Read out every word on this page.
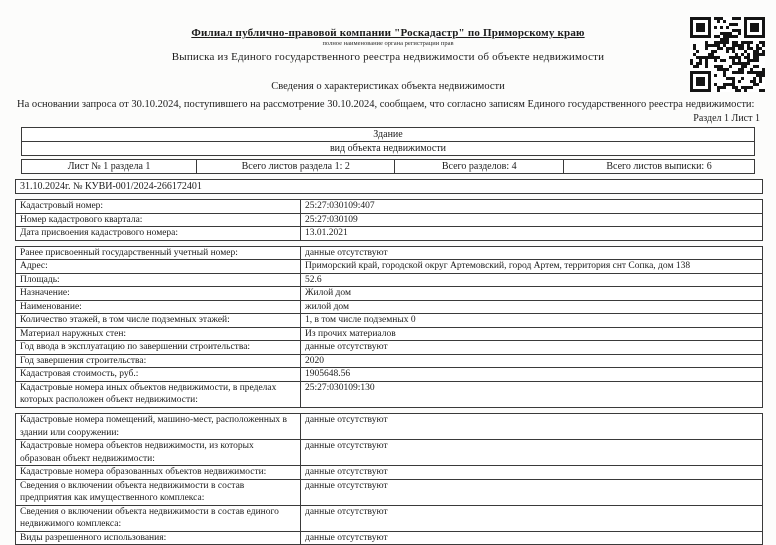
Филиал публично-правовой компании "Роскадастр" по Приморскому краю
полное наименование органа регистрации прав
Выписка из Единого государственного реестра недвижимости об объекте недвижимости
Сведения о характеристиках объекта недвижимости
На основании запроса от 30.10.2024, поступившего на рассмотрение 30.10.2024, сообщаем, что согласно записям Единого государственного реестра недвижимости:
Раздел 1 Лист 1
Здание
вид объекта недвижимости
Лист № 1 раздела 1	Всего листов раздела 1: 2	Всего разделов: 4	Всего листов выписки: 6
31.10.2024г. № КУВИ-001/2024-266172401
Кадастровый номер:	25:27:030109:407
Номер кадастрового квартала:	25:27:030109
Дата присвоения кадастрового номера:	13.01.2021
Ранее присвоенный государственный учетный номер:	данные отсутствуют
Адрес:	Приморский край, городской округ Артемовский, город Артем, территория снт Сопка, дом 138
Площадь:	52.6
Назначение:	Жилой дом
Наименование:	жилой дом
Количество этажей, в том числе подземных этажей:	1, в том числе подземных 0
Материал наружных стен:	Из прочих материалов
Год ввода в эксплуатацию по завершении строительства:	данные отсутствуют
Год завершения строительства:	2020
Кадастровая стоимость, руб.:	1905648.56
Кадастровые номера иных объектов недвижимости, в пределах которых расположен объект недвижимости:
25:27:030109:130
Кадастровые номера помещений, машино-мест, расположенных в здании или сооружении:
данные отсутствуют
Кадастровые номера объектов недвижимости, из которых образован объект недвижимости:
данные отсутствуют
Кадастровые номера образованных объектов недвижимости:	данные отсутствуют
Сведения о включении объекта недвижимости в состав предприятия как имущественного комплекса:
данные отсутствуют
Сведения о включении объекта недвижимости в состав единого недвижимого комплекса:
данные отсутствуют
Виды разрешенного использования:	данные отсутствуют
